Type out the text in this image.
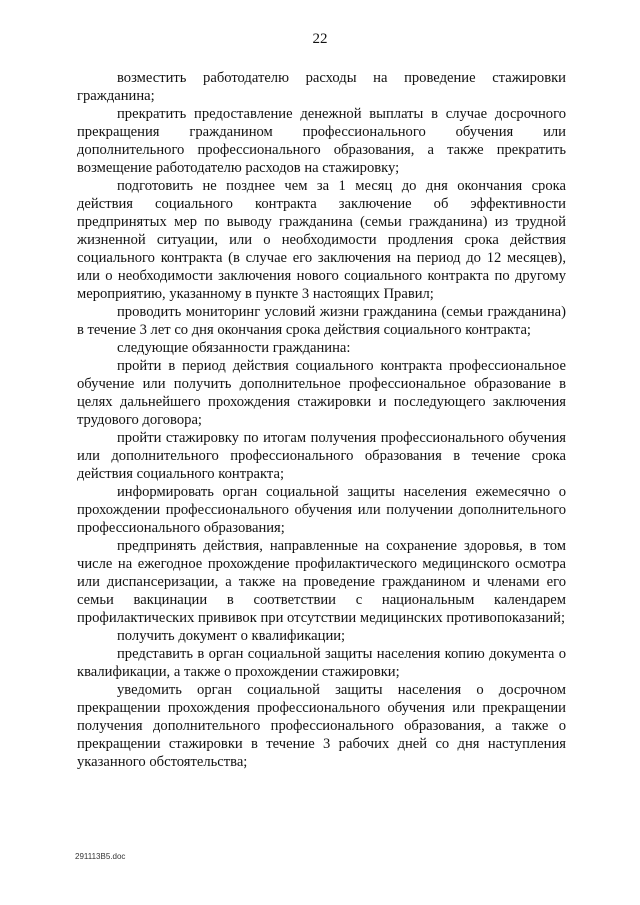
22

возместить работодателю расходы на проведение стажировки гражданина;

прекратить предоставление денежной выплаты в случае досрочного прекращения гражданином профессионального обучения или дополнительного профессионального образования, а также прекратить возмещение работодателю расходов на стажировку;

подготовить не позднее чем за 1 месяц до дня окончания срока действия социального контракта заключение об эффективности предпринятых мер по выводу гражданина (семьи гражданина) из трудной жизненной ситуации, или о необходимости продления срока действия социального контракта (в случае его заключения на период до 12 месяцев), или о необходимости заключения нового социального контракта по другому мероприятию, указанному в пункте 3 настоящих Правил;

проводить мониторинг условий жизни гражданина (семьи гражданина) в течение 3 лет со дня окончания срока действия социального контракта;

следующие обязанности гражданина:

пройти в период действия социального контракта профессиональное обучение или получить дополнительное профессиональное образование в целях дальнейшего прохождения стажировки и последующего заключения трудового договора;

пройти стажировку по итогам получения профессионального обучения или дополнительного профессионального образования в течение срока действия социального контракта;

информировать орган социальной защиты населения ежемесячно о прохождении профессионального обучения или получении дополнительного профессионального образования;

предпринять действия, направленные на сохранение здоровья, в том числе на ежегодное прохождение профилактического медицинского осмотра или диспансеризации, а также на проведение гражданином и членами его семьи вакцинации в соответствии с национальным календарем профилактических прививок при отсутствии медицинских противопоказаний;

получить документ о квалификации;

представить в орган социальной защиты населения копию документа о квалификации, а также о прохождении стажировки;

уведомить орган социальной защиты населения о досрочном прекращении прохождения профессионального обучения или прекращении получения дополнительного профессионального образования, а также о прекращении стажировки в течение 3 рабочих дней со дня наступления указанного обстоятельства;

291113B5.doc
